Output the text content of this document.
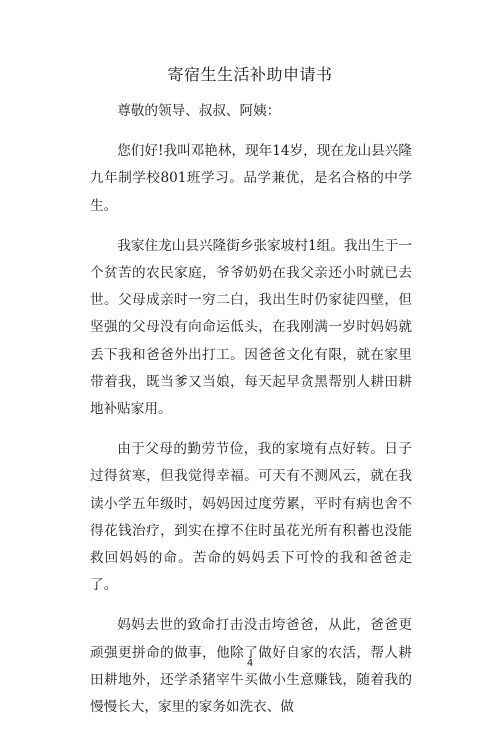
寄宿生生活补助申请书

尊敬的领导、叔叔、阿姨：

您们好!我叫邓艳林，现年14岁，现在龙山县兴隆九年制学校801班学习。品学兼优，是名合格的中学生。

我家住龙山县兴隆街乡张家坡村1组。我出生于一个贫苦的农民家庭，爷爷奶奶在我父亲还小时就已去世。父母成亲时一穷二白，我出生时仍家徒四壁，但坚强的父母没有向命运低头，在我刚满一岁时妈妈就丢下我和爸爸外出打工。因爸爸文化有限，就在家里带着我，既当爹又当娘，每天起早贪黑帮别人耕田耕地补贴家用。

由于父母的勤劳节俭，我的家境有点好转。日子过得贫寒，但我觉得幸福。可天有不测风云，就在我读小学五年级时，妈妈因过度劳累，平时有病也舍不得花钱治疗，到实在撑不住时虽花光所有积蓄也没能救回妈妈的命。苦命的妈妈丢下可怜的我和爸爸走了。

妈妈去世的致命打击没击垮爸爸，从此，爸爸更顽强更拼命的做事，他除了做好自家的农活，帮人耕田耕地外，还学杀猪宰牛买做小生意赚钱，随着我的慢慢长大，家里的家务如洗衣、做

4
